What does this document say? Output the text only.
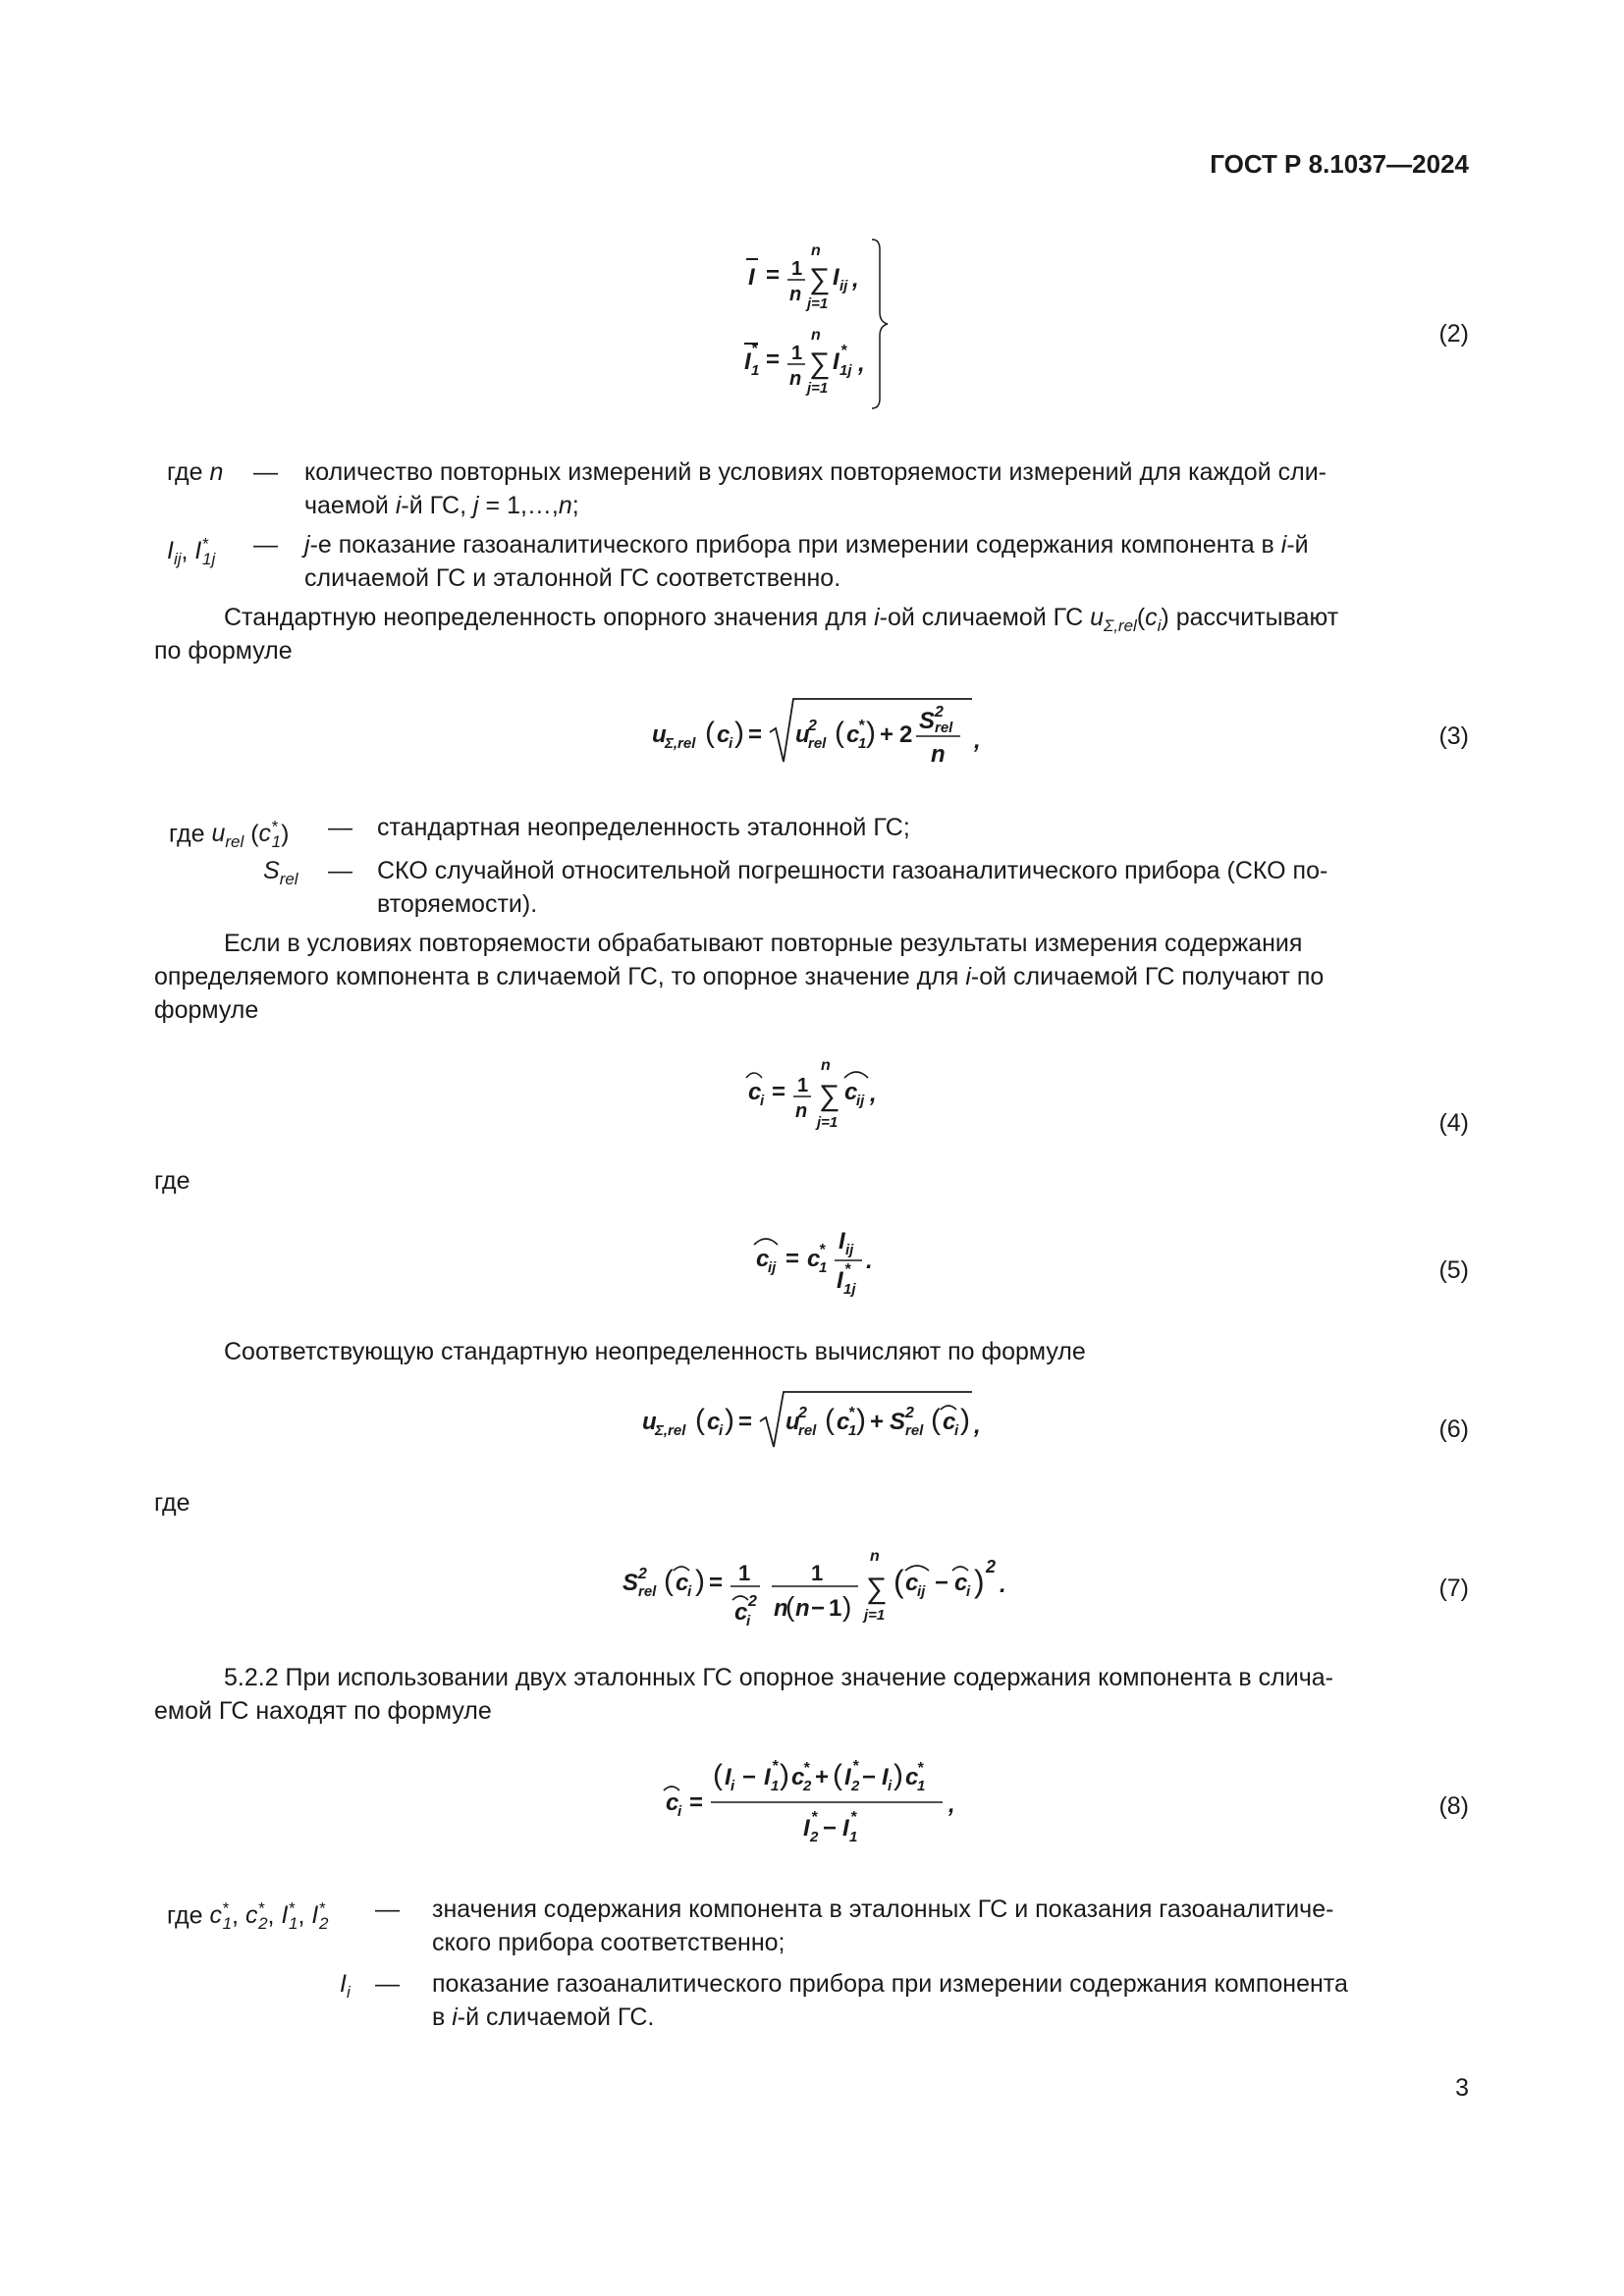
ГОСТ Р 8.1037—2024
I = 1
n
n
∑
j=1
I ij ,
I *
1 = 1
n
n
∑
j=1
I *
1j ,
(2)
где n — количество повторных измерений в условиях повторяемости измерений для каждой сли-
чаемой i-й ГС, j = 1,…,n;
$I_{ij}$, $I^*_{1j}$
— j-е показание газоаналитического прибора при измерении содержания компонента в i-й
сличаемой ГС и эталонной ГС соответственно.
Стандартную неопределенность опорного значения для i-ой сличаемой ГС $u_{\Sigma,rel}(c_i)$ рассчитывают
по формуле
u
Σ,rel ( c
i ) = u
2
rel ( c
*
1 ) + 2
S 2
rel
n
,	(3)
где $u_{rel}$ $(c^*_1)$ — стандартная неопределенность эталонной ГС;
$S_{rel}$ — СКО случайной относительной погрешности газоаналитического прибора (СКО по-
вторяемости).
Если в условиях повторяемости обрабатывают повторные результаты измерения содержания
определяемого компонента в сличаемой ГС, то опорное значение для i-ой сличаемой ГС получают по
формуле
c
i = 1
n
n
∑
j=1
c
ij ,
(4)
где
c
ij = c
*
1
I ij
I *
1j
.	(5)
Соответствующую стандартную неопределенность вычисляют по формуле
u
Σ,rel ( c
i ) = u
2
rel ( c
*
1 ) + S 2
rel ( c
i ) ,	(6)
где
S 2
rel ( c
i ) = 1
c 2
i
1
n
( n − 1 )
n
∑
j=1
( c
ij − c
i ) 2
.	(7)
5.2.2 При использовании двух эталонных ГС опорное значение содержания компонента в слича-
емой ГС находят по формуле
c
i =
( I i − I *
1 ) c
*
2 + ( I *
2 − I i ) c
*
1
I *
2 − I *
1
,	(8)
где $c^*_1$, $c^*_2$, $I^*_1$, $I^*_2$
— значения содержания компонента в эталонных ГС и показания газоаналитиче-
ского прибора соответственно;
$I_i$ — показание газоаналитического прибора при измерении содержания компонента
в i-й сличаемой ГС.
3
